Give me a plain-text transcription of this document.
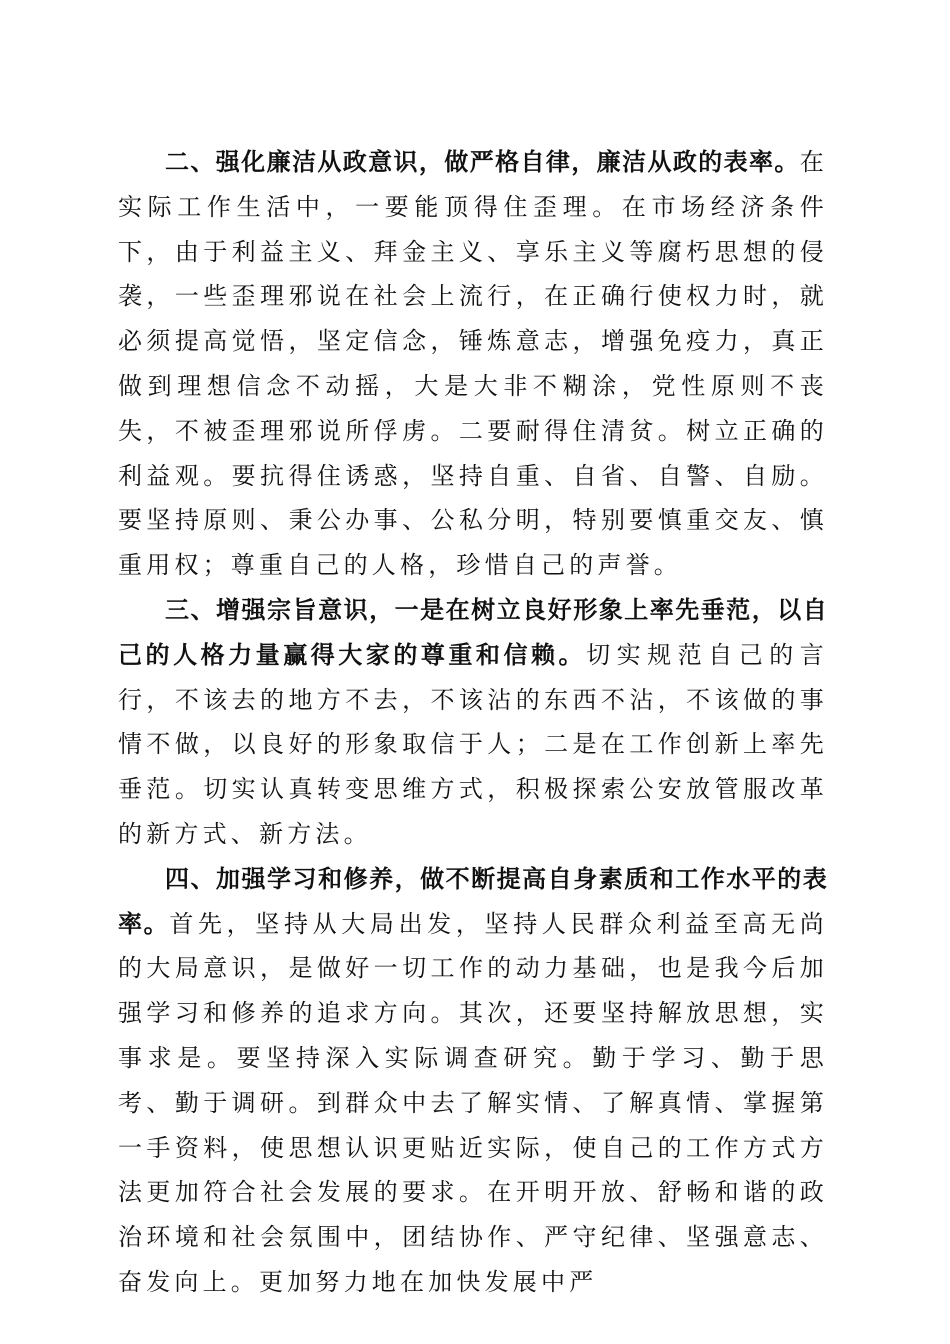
二、强化廉洁从政意识，做严格自律，廉洁从政的表率。在实际工作生活中，一要能顶得住歪理。在市场经济条件下，由于利益主义、拜金主义、享乐主义等腐朽思想的侵袭，一些歪理邪说在社会上流行，在正确行使权力时，就必须提高觉悟，坚定信念，锤炼意志，增强免疫力，真正做到理想信念不动摇，大是大非不糊涂，党性原则不丧失，不被歪理邪说所俘虏。二要耐得住清贫。树立正确的利益观。要抗得住诱惑，坚持自重、自省、自警、自励。要坚持原则、秉公办事、公私分明，特别要慎重交友、慎重用权；尊重自己的人格，珍惜自己的声誉。

三、增强宗旨意识，一是在树立良好形象上率先垂范，以自己的人格力量赢得大家的尊重和信赖。切实规范自己的言行，不该去的地方不去，不该沾的东西不沾，不该做的事情不做，以良好的形象取信于人；二是在工作创新上率先垂范。切实认真转变思维方式，积极探索公安放管服改革的新方式、新方法。

四、加强学习和修养，做不断提高自身素质和工作水平的表率。首先，坚持从大局出发，坚持人民群众利益至高无尚的大局意识，是做好一切工作的动力基础，也是我今后加强学习和修养的追求方向。其次，还要坚持解放思想，实事求是。要坚持深入实际调查研究。勤于学习、勤于思考、勤于调研。到群众中去了解实情、了解真情、掌握第一手资料，使思想认识更贴近实际，使自己的工作方式方法更加符合社会发展的要求。在开明开放、舒畅和谐的政治环境和社会氛围中，团结协作、严守纪律、坚强意志、奋发向上。更加努力地在加快发展中严
